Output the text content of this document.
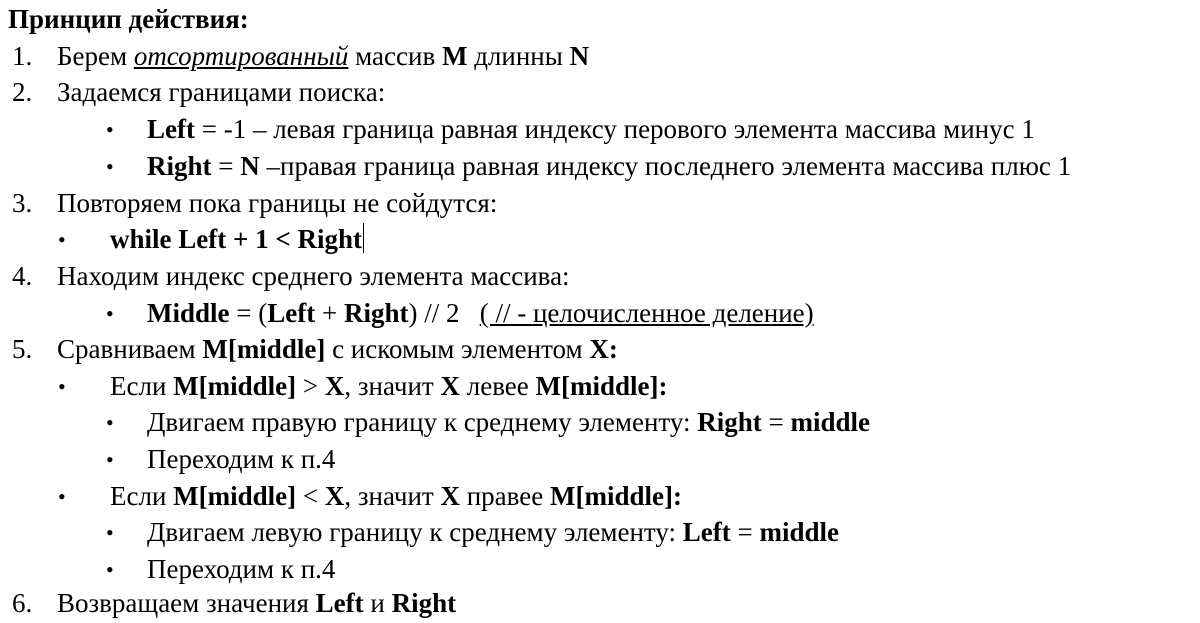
Принцип действия:
1. Берем отсортированный массив M длинны N
2. Задаемся границами поиска:
• Left = -1 – левая граница равная индексу перового элемента массива минус 1
• Right = N –правая граница равная индексу последнего элемента массива плюс 1
3. Повторяем пока границы не сойдутся:
• while Left + 1 < Right
4. Находим индекс среднего элемента массива:
• Middle = (Left + Right) // 2   ( // - целочисленное деление)
5. Сравниваем M[middle] с искомым элементом X:
• Если M[middle] > X, значит X левее M[middle]:
• Двигаем правую границу к среднему элементу: Right = middle
• Переходим к п.4
• Если M[middle] < X, значит X правее M[middle]:
• Двигаем левую границу к среднему элементу: Left = middle
• Переходим к п.4
6. Возвращаем значения Left и Right
